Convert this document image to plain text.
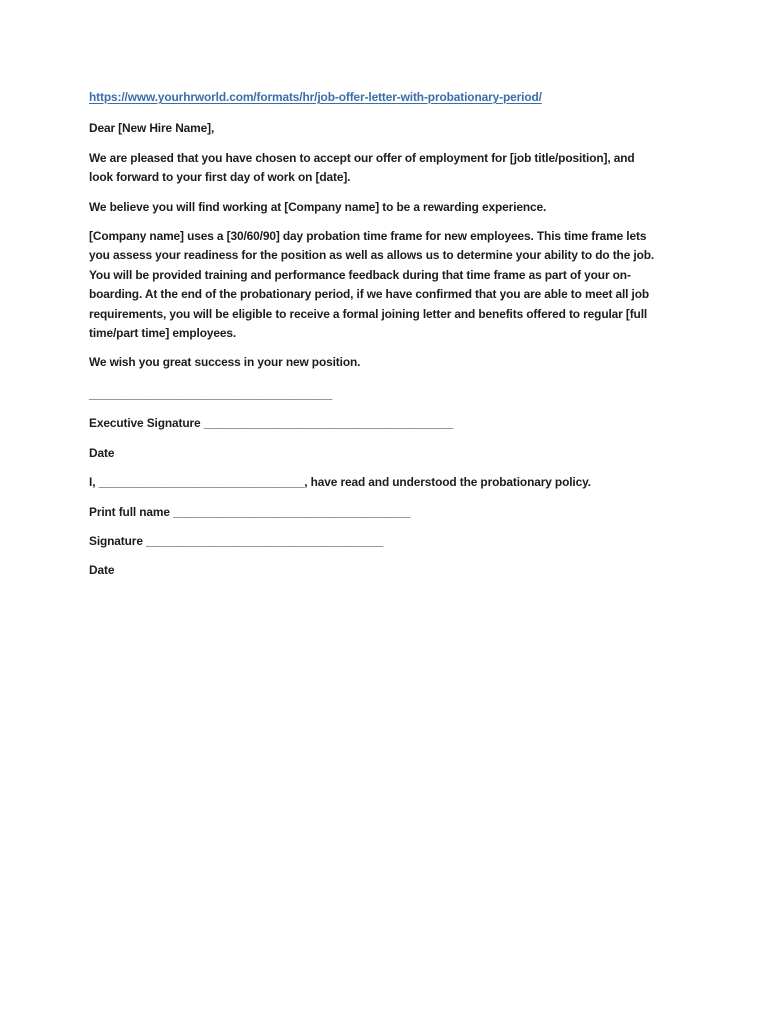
https://www.yourhrworld.com/formats/hr/job-offer-letter-with-probationary-period/

Dear [New Hire Name],

We are pleased that you have chosen to accept our offer of employment for [job title/position], and look forward to your first day of work on [date].

We believe you will find working at [Company name] to be a rewarding experience.

[Company name] uses a [30/60/90] day probation time frame for new employees. This time frame lets you assess your readiness for the position as well as allows us to determine your ability to do the job. You will be provided training and performance feedback during that time frame as part of your on-boarding. At the end of the probationary period, if we have confirmed that you are able to meet all job requirements, you will be eligible to receive a formal joining letter and benefits offered to regular [full time/part time] employees.

We wish you great success in your new position.

_______________________________________

Executive Signature ________________________________________

Date

I, _________________________________, have read and understood the probationary policy.

Print full name ______________________________________

Signature ______________________________________

Date
